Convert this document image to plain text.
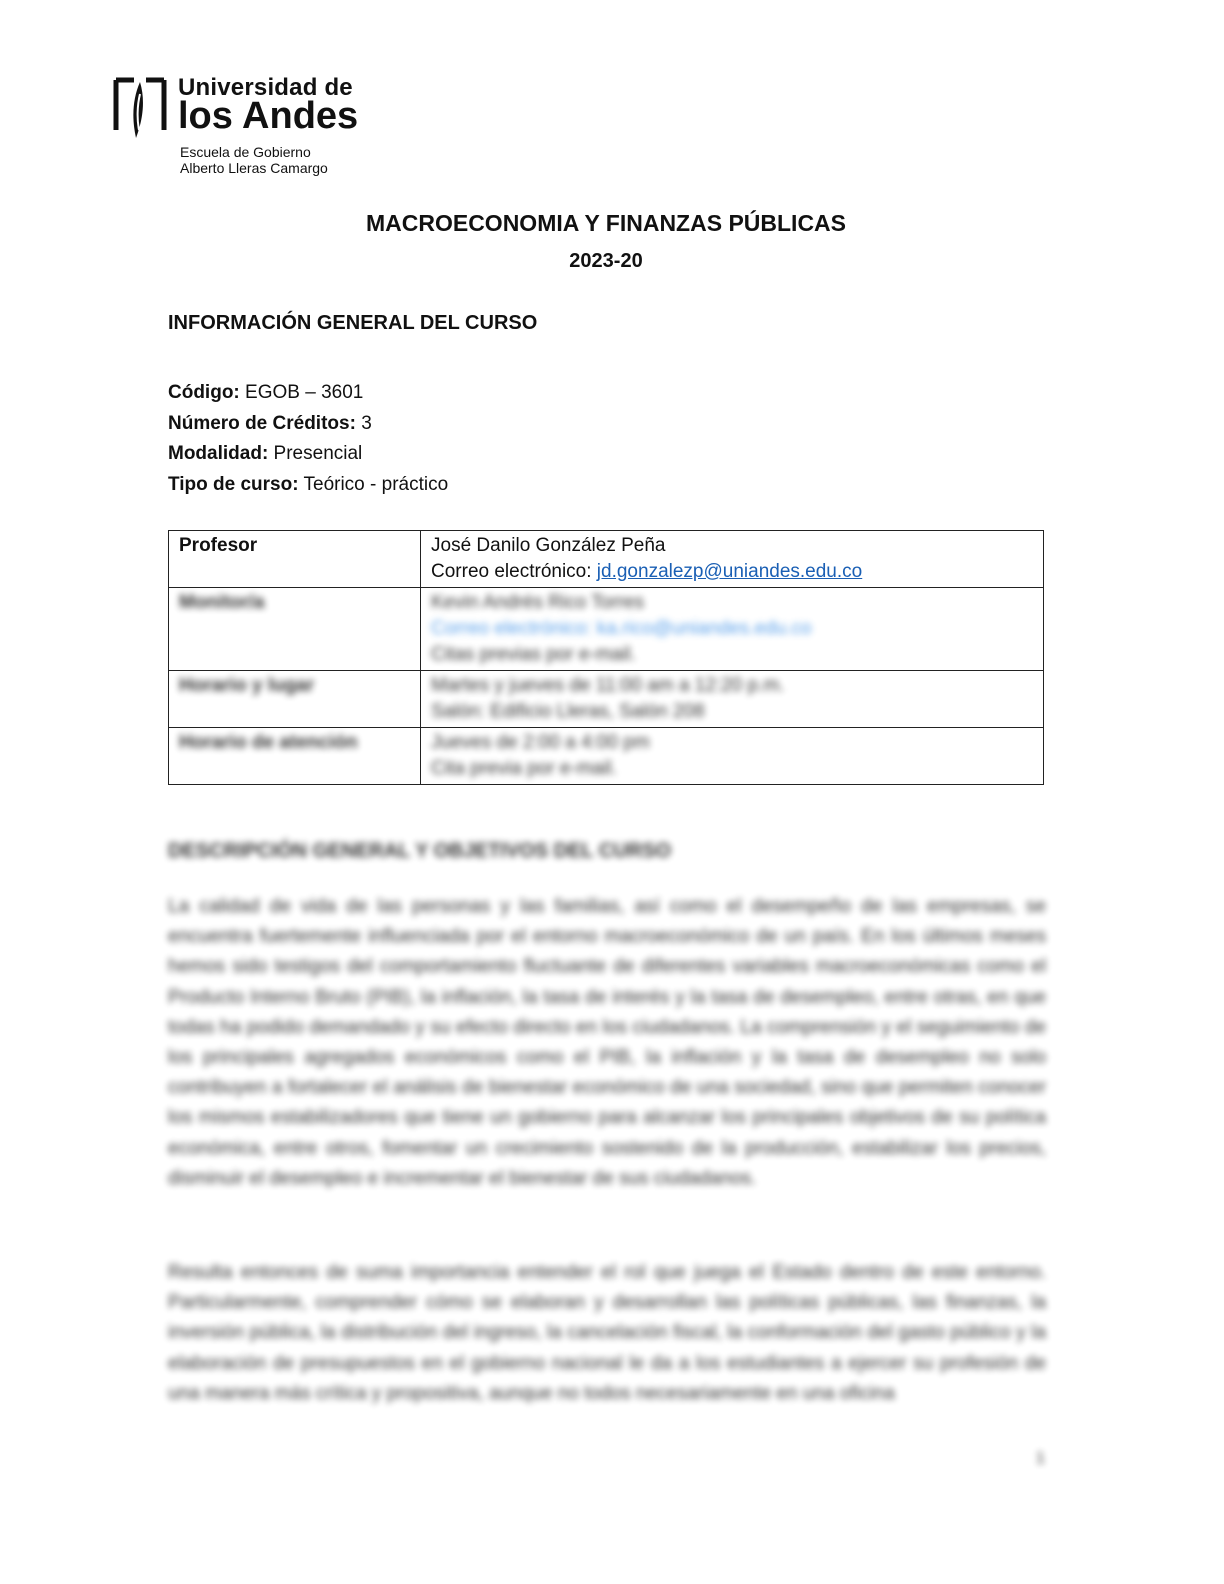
Universidad de
los Andes
Escuela de Gobierno
Alberto Lleras Camargo
MACROECONOMIA Y FINANZAS PÚBLICAS
2023-20
INFORMACIÓN GENERAL DEL CURSO
Código: EGOB – 3601
Número de Créditos: 3
Modalidad: Presencial
Tipo de curso: Teórico - práctico
Profesor	José Danilo González Peña
Correo electrónico: jd.gonzalezp@uniandes.edu.co

Monitor/a	Kevin Andrés Rico Torres
Correo electrónico: ka.rico@uniandes.edu.co
Citas previas por e-mail.

Horario y lugar	Martes y jueves de 11:00 am a 12:20 p.m.
Salón: Edificio Lleras, Salón 208

Horario de atención	Jueves de 2:00 a 4:00 pm
Cita previa por e-mail.
DESCRIPCIÓN GENERAL Y OBJETIVOS DEL CURSO
La calidad de vida de las personas y las familias, así como el desempeño de las empresas, se encuentra fuertemente influenciada por el entorno macroeconómico de un país. En los últimos meses hemos sido testigos del comportamiento fluctuante de diferentes variables macroeconómicas como el Producto Interno Bruto (PIB), la inflación, la tasa de interés y la tasa de desempleo, entre otras, en que todas ha podido demandado y su efecto directo en los ciudadanos. La comprensión y el seguimiento de los principales agregados económicos como el PIB, la inflación y la tasa de desempleo no solo contribuyen a fortalecer el análisis de bienestar económico de una sociedad, sino que permiten conocer los mismos estabilizadores que tiene un gobierno para alcanzar los principales objetivos de su política económica, entre otros, fomentar un crecimiento sostenido de la producción, estabilizar los precios, disminuir el desempleo e incrementar el bienestar de sus ciudadanos.
Resulta entonces de suma importancia entender el rol que juega el Estado dentro de este entorno. Particularmente, comprender cómo se elaboran y desarrollan las políticas públicas, las finanzas, la inversión pública, la distribución del ingreso, la cancelación fiscal, la conformación del gasto público y la elaboración de presupuestos en el gobierno nacional le da a los estudiantes a ejercer su profesión de una manera más crítica y propositiva, aunque no todos necesariamente en una oficina
1
